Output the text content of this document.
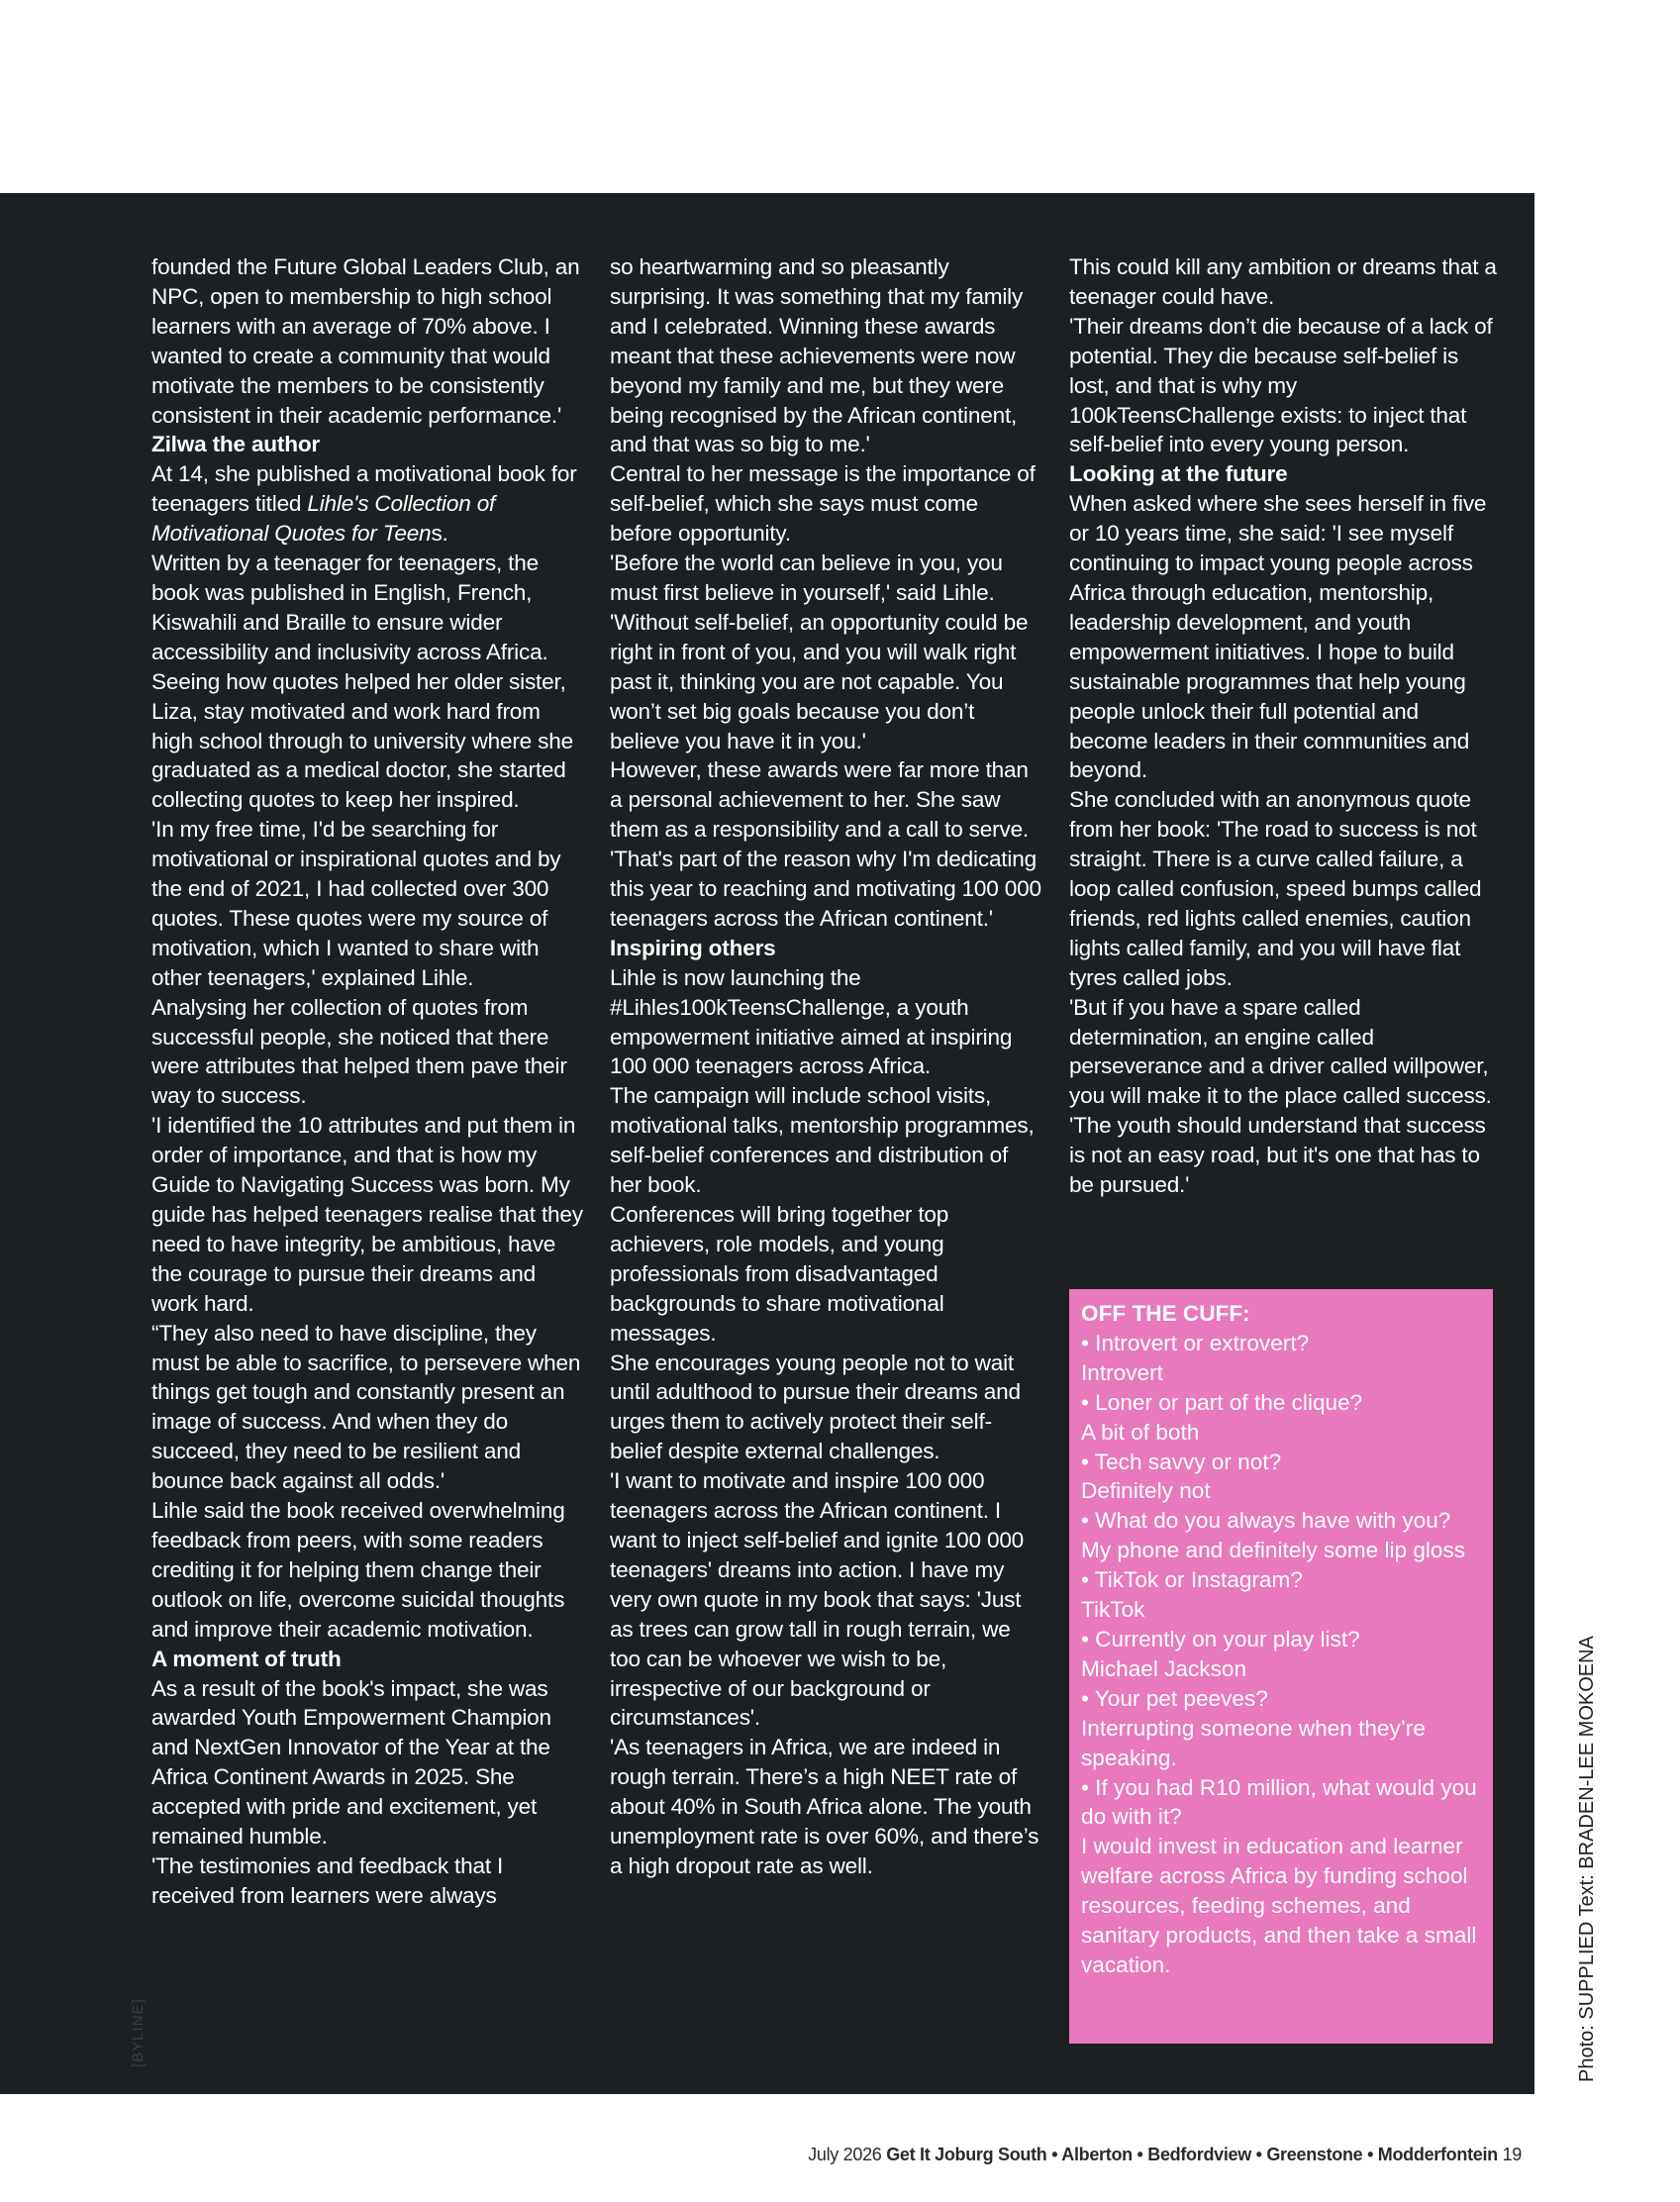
founded the Future Global Leaders Club, an NPC, open to membership to high school learners with an average of 70% above. I wanted to create a community that would motivate the members to be consistently consistent in their academic performance.'

Zilwa the author

At 14, she published a motivational book for teenagers titled Lihle's Collection of Motivational Quotes for Teens.

Written by a teenager for teenagers, the book was published in English, French, Kiswahili and Braille to ensure wider accessibility and inclusivity across Africa.

Seeing how quotes helped her older sister, Liza, stay motivated and work hard from high school through to university where she graduated as a medical doctor, she started collecting quotes to keep her inspired.

'In my free time, I'd be searching for motivational or inspirational quotes and by the end of 2021, I had collected over 300 quotes. These quotes were my source of motivation, which I wanted to share with other teenagers,' explained Lihle.

Analysing her collection of quotes from successful people, she noticed that there were attributes that helped them pave their way to success.

'I identified the 10 attributes and put them in order of importance, and that is how my Guide to Navigating Success was born. My guide has helped teenagers realise that they need to have integrity, be ambitious, have the courage to pursue their dreams and work hard.

“They also need to have discipline, they must be able to sacrifice, to persevere when things get tough and constantly present an image of success. And when they do succeed, they need to be resilient and bounce back against all odds.'

Lihle said the book received overwhelming feedback from peers, with some readers crediting it for helping them change their outlook on life, overcome suicidal thoughts and improve their academic motivation.

A moment of truth

As a result of the book's impact, she was awarded Youth Empowerment Champion and NextGen Innovator of the Year at the Africa Continent Awards in 2025. She accepted with pride and excitement, yet remained humble.

'The testimonies and feedback that I received from learners were always

so heartwarming and so pleasantly surprising. It was something that my family and I celebrated. Winning these awards meant that these achievements were now beyond my family and me, but they were being recognised by the African continent, and that was so big to me.'

Central to her message is the importance of self-belief, which she says must come before opportunity.

'Before the world can believe in you, you must first believe in yourself,' said Lihle.

'Without self-belief, an opportunity could be right in front of you, and you will walk right past it, thinking you are not capable. You won’t set big goals because you don’t believe you have it in you.'

However, these awards were far more than a personal achievement to her. She saw them as a responsibility and a call to serve.

'That's part of the reason why I'm dedicating this year to reaching and motivating 100 000 teenagers across the African continent.'

Inspiring others

Lihle is now launching the #Lihles100kTeensChallenge, a youth empowerment initiative aimed at inspiring 100 000 teenagers across Africa.

The campaign will include school visits, motivational talks, mentorship programmes, self-belief conferences and distribution of her book.

Conferences will bring together top achievers, role models, and young professionals from disadvantaged backgrounds to share motivational messages.

She encourages young people not to wait until adulthood to pursue their dreams and urges them to actively protect their self-belief despite external challenges.

'I want to motivate and inspire 100 000 teenagers across the African continent. I want to inject self-belief and ignite 100 000 teenagers' dreams into action. I have my very own quote in my book that says: 'Just as trees can grow tall in rough terrain, we too can be whoever we wish to be, irrespective of our background or circumstances'.

'As teenagers in Africa, we are indeed in rough terrain. There’s a high NEET rate of about 40% in South Africa alone. The youth unemployment rate is over 60%, and there’s a high dropout rate as well.

This could kill any ambition or dreams that a teenager could have.

'Their dreams don’t die because of a lack of potential. They die because self-belief is lost, and that is why my 100kTeensChallenge exists: to inject that self-belief into every young person.

Looking at the future

When asked where she sees herself in five or 10 years time, she said: 'I see myself continuing to impact young people across Africa through education, mentorship, leadership development, and youth empowerment initiatives. I hope to build sustainable programmes that help young people unlock their full potential and become leaders in their communities and beyond.

She concluded with an anonymous quote from her book: 'The road to success is not straight. There is a curve called failure, a loop called confusion, speed bumps called friends, red lights called enemies, caution lights called family, and you will have flat tyres called jobs.

'But if you have a spare called determination, an engine called perseverance and a driver called willpower, you will make it to the place called success.

'The youth should understand that success is not an easy road, but it's one that has to be pursued.'

OFF THE CUFF:

• Introvert or extrovert?

Introvert

• Loner or part of the clique?

A bit of both

• Tech savvy or not?

Definitely not

• What do you always have with you?

My phone and definitely some lip gloss

• TikTok or Instagram?

TikTok

• Currently on your play list?

Michael Jackson

• Your pet peeves?

Interrupting someone when they’re speaking.

• If you had R10 million, what would you do with it?

I would invest in education and learner welfare across Africa by funding school resources, feeding schemes, and sanitary products, and then take a small vacation.

[BYLINE]	Photo: SUPPLIED Text: BRADEN-LEE MOKOENA
July 2026 Get It Joburg South • Alberton • Bedfordview • Greenstone • Modderfontein 19
